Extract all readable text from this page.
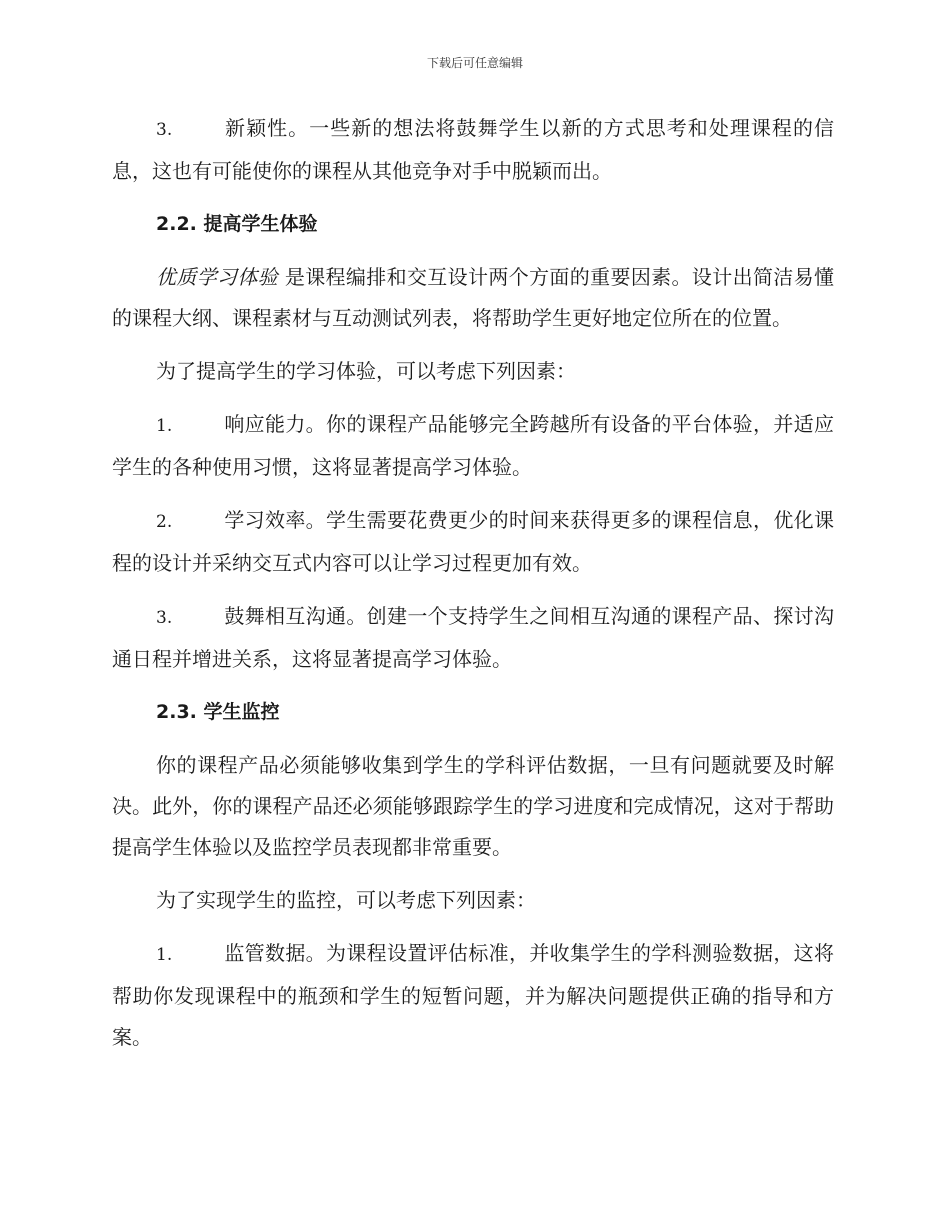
下载后可任意编辑

3.	新颖性。一些新的想法将鼓舞学生以新的方式思考和处理课程的信息，这也有可能使你的课程从其他竞争对手中脱颖而出。

2.2. 提高学生体验

优质学习体验 是课程编排和交互设计两个方面的重要因素。设计出简洁易懂的课程大纲、课程素材与互动测试列表，将帮助学生更好地定位所在的位置。

为了提高学生的学习体验，可以考虑下列因素：

1.	响应能力。你的课程产品能够完全跨越所有设备的平台体验，并适应学生的各种使用习惯，这将显著提高学习体验。

2.	学习效率。学生需要花费更少的时间来获得更多的课程信息，优化课程的设计并采纳交互式内容可以让学习过程更加有效。

3.	鼓舞相互沟通。创建一个支持学生之间相互沟通的课程产品、探讨沟通日程并增进关系，这将显著提高学习体验。

2.3. 学生监控

你的课程产品必须能够收集到学生的学科评估数据，一旦有问题就要及时解决。此外，你的课程产品还必须能够跟踪学生的学习进度和完成情况，这对于帮助提高学生体验以及监控学员表现都非常重要。

为了实现学生的监控，可以考虑下列因素：

1.	监管数据。为课程设置评估标准，并收集学生的学科测验数据，这将帮助你发现课程中的瓶颈和学生的短暂问题，并为解决问题提供正确的指导和方案。
